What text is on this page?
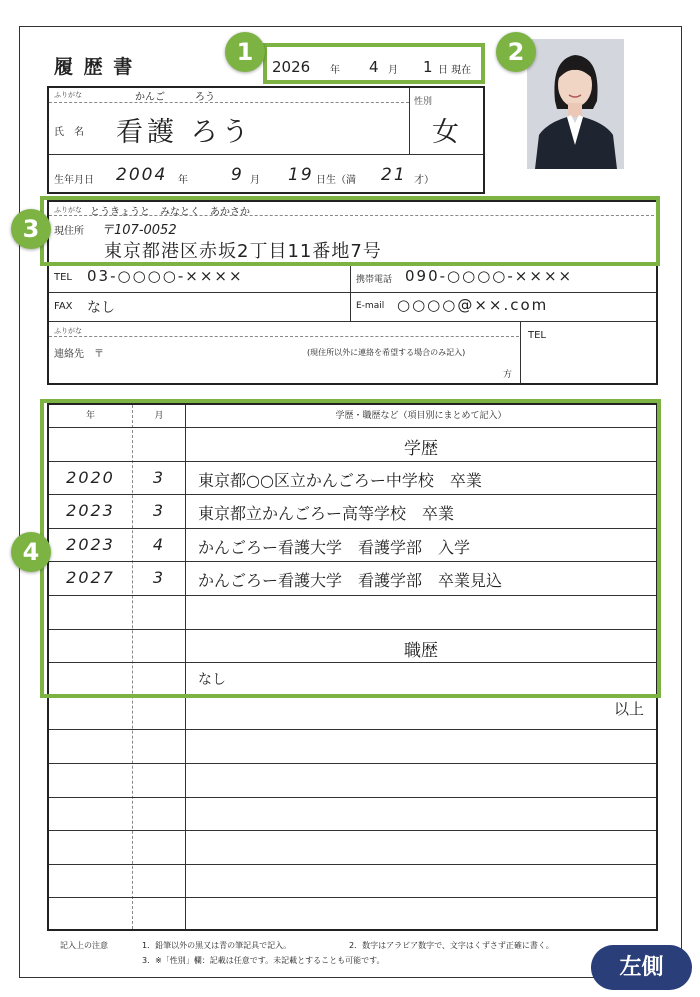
履 歴 書	2026 年 4 月 1 日 現在
ふりがな	かんご　　　ろう
氏　名 看護 ろう
性別
女
生年月日 2004 年	9 月 19 日生（満 21 才）
ふりがな とうきょうと　みなとく　あかさか
現住所 〒107-0052
東京都港区赤坂2丁目11番地7号
TEL 03-○○○○-××××	携帯電話 090-○○○○-××××
FAX なし	E-mail ○○○○@××.com
ふりがな
連絡先　〒	(現住所以外に連絡を希望する場合のみ記入)
方
TEL
年	月	学歴・職歴など（項目別にまとめて記入）
学歴
2020	3	東京都○○区立かんごろー中学校　卒業
2023	3	東京都立かんごろー高等学校　卒業
2023	4	かんごろー看護大学　看護学部　入学
2027	3	かんごろー看護大学　看護学部　卒業見込
職歴
なし
以上
記入上の注意	1．鉛筆以外の黒又は青の筆記具で記入。	2．数字はアラビア数字で、文字はくずさず正確に書く。
3．※「性別」欄：記載は任意です。未記載とすることも可能です。
1	2
3
4
左側
